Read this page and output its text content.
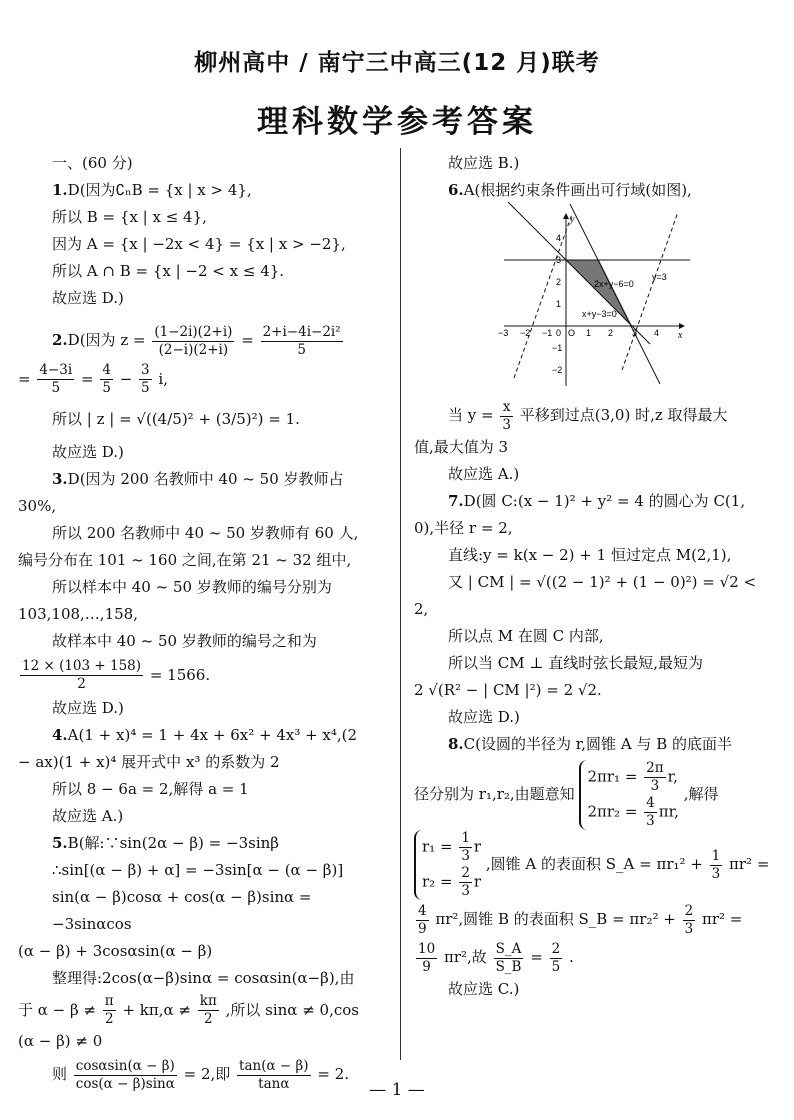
柳州高中 / 南宁三中高三(12 月)联考
理科数学参考答案

一、(60 分)

1.D(因为∁ₙB = {x | x > 4},

所以 B = {x | x ≤ 4},

因为 A = {x | −2x < 4} = {x | x > −2},

所以 A ∩ B = {x | −2 < x ≤ 4}.

故应选 D.)

2.D(因为 $z = \frac{(1-2i)(2+i)}{(2-i)(2+i)} = \frac{\text{2+i−4i−2i²}}{5}$

= $\frac{4-3i}{5} = \frac{4}{5} - \frac{3}{5} i$,

所以 | z | = √((4/5)² + (3/5)²) = 1.

故应选 D.)

3.D(因为 200 名教师中 40 ~ 50 岁教师占

30%,

所以 200 名教师中 40 ~ 50 岁教师有 60 人,

编号分布在 101 ~ 160 之间,在第 21 ~ 32 组中,

所以样本中 40 ~ 50 岁教师的编号分别为

103,108,…,158,

故样本中 40 ~ 50 岁教师的编号之和为

$\frac{12 \times (103 + 158)}{2} = 1566$.

故应选 D.)

4.A(1 + x)⁴ = 1 + 4x + 6x² + 4x³ + x⁴,(2

− ax)(1 + x)⁴ 展开式中 x³ 的系数为 2

所以 8 − 6a = 2,解得 a = 1

故应选 A.)

5.B(解:∵sin(2α − β) = −3sinβ

∴sin[(α − β) + α] = −3sin[α − (α − β)]

sin(α − β)cosα + cos(α − β)sinα = −3sinαcos

(α − β) + 3cosαsin(α − β)

整理得:2cos(α−β)sinα = cosαsin(α−β),由

于 $\alpha - \beta \ne \frac{\pi}{2} + k\pi,\alpha \ne \frac{k\pi}{2}$ ,所以 sinα ≠ 0,cos

(α − β) ≠ 0

则 $\frac{\cos\alpha\sin(\alpha - \beta)}{\cos(\alpha - \beta)\sin\alpha} = 2$,即 $\frac{\tan(\alpha - \beta)}{\tan\alpha} = 2$.

故应选 B.)

6.A(根据约束条件画出可行域(如图),

2x+y−6=0
y=3
x+y−3=0
x
y
O
−3 −2 −1 0	1 2 3 4
4
3
2
1
−1
−2

当 $y = \frac{x}{3}$ 平移到过点(3,0) 时,z 取得最大

值,最大值为 3

故应选 A.)

7.D(圆 C:(x − 1)² + y² = 4 的圆心为 C(1,

0),半径 r = 2,

直线:y = k(x − 2) + 1 恒过定点 M(2,1),

又 | CM | = √((2 − 1)² + (1 − 0)²) = √2 <

2,

所以点 M 在圆 C 内部,

所以当 CM ⊥ 直线时弦长最短,最短为

2 √(R² − | CM |²) = 2 √2.

故应选 D.)

8.C(设圆的半径为 r,圆锥 A 与 B 的底面半

径分别为 r₁,r₂,由题意知
$2\pi r_1 = \frac{2\pi}{3} r$,
$2\pi r_2 = \frac{4}{3} \pi r$,
,解得

$r_1 = \frac{1}{3}$ r
$r_2 = \frac{2}{3}$ r
,圆锥 A 的表面积 S_A = $\pi r_1^2 + \frac{1}{3} \pi r^2$ =

$\frac{4}{9} \pi r^2$,圆锥 B 的表面积 S_B = $\pi r_2^2 + \frac{2}{3} \pi r^2$ =

$\frac{10}{9} \pi r^2$,故 $\frac{S\_A}{S\_B} = \frac{2}{5}$ .

故应选 C.)

— 1 —
